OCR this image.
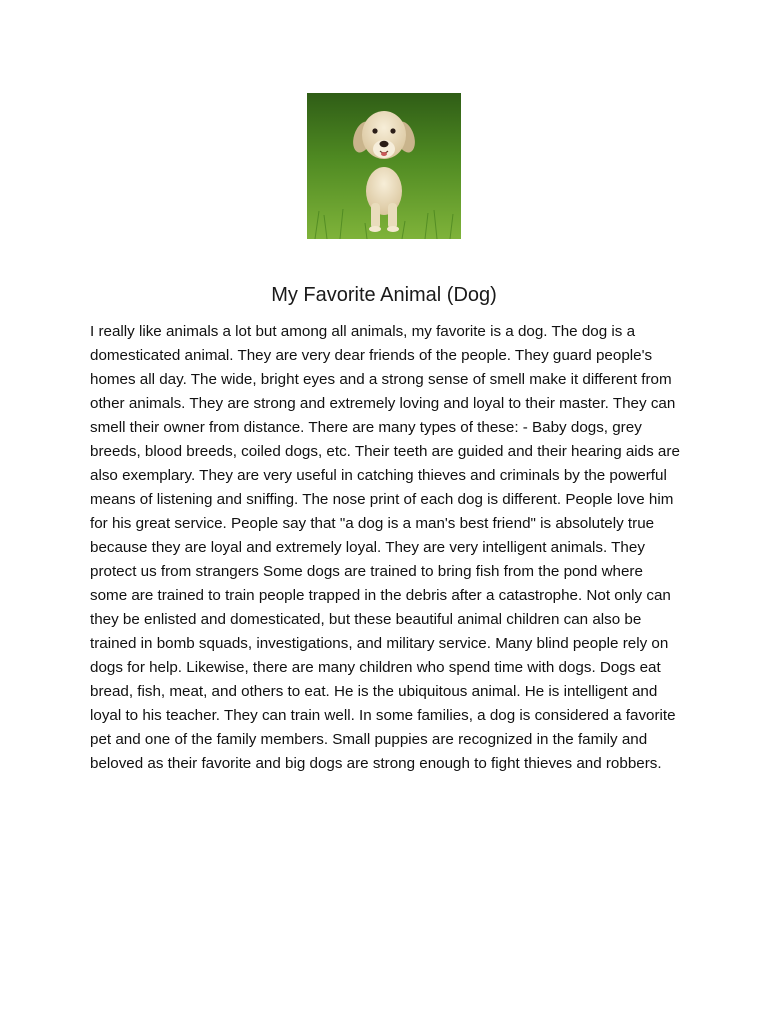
My Favorite Animal (Dog)

I really like animals a lot but among all animals, my favorite is a dog. The dog is a domesticated animal. They are very dear friends of the people. They guard people's homes all day. The wide, bright eyes and a strong sense of smell make it different from other animals. They are strong and extremely loving and loyal to their master. They can smell their owner from distance. There are many types of these: - Baby dogs, grey breeds, blood breeds, coiled dogs, etc. Their teeth are guided and their hearing aids are also exemplary. They are very useful in catching thieves and criminals by the powerful means of listening and sniffing. The nose print of each dog is different. People love him for his great service. People say that "a dog is a man's best friend" is absolutely true because they are loyal and extremely loyal. They are very intelligent animals. They protect us from strangers Some dogs are trained to bring fish from the pond where some are trained to train people trapped in the debris after a catastrophe. Not only can they be enlisted and domesticated, but these beautiful animal children can also be trained in bomb squads, investigations, and military service. Many blind people rely on dogs for help. Likewise, there are many children who spend time with dogs. Dogs eat bread, fish, meat, and others to eat. He is the ubiquitous animal. He is intelligent and loyal to his teacher. They can train well. In some families, a dog is considered a favorite pet and one of the family members. Small puppies are recognized in the family and beloved as their favorite and big dogs are strong enough to fight thieves and robbers.
